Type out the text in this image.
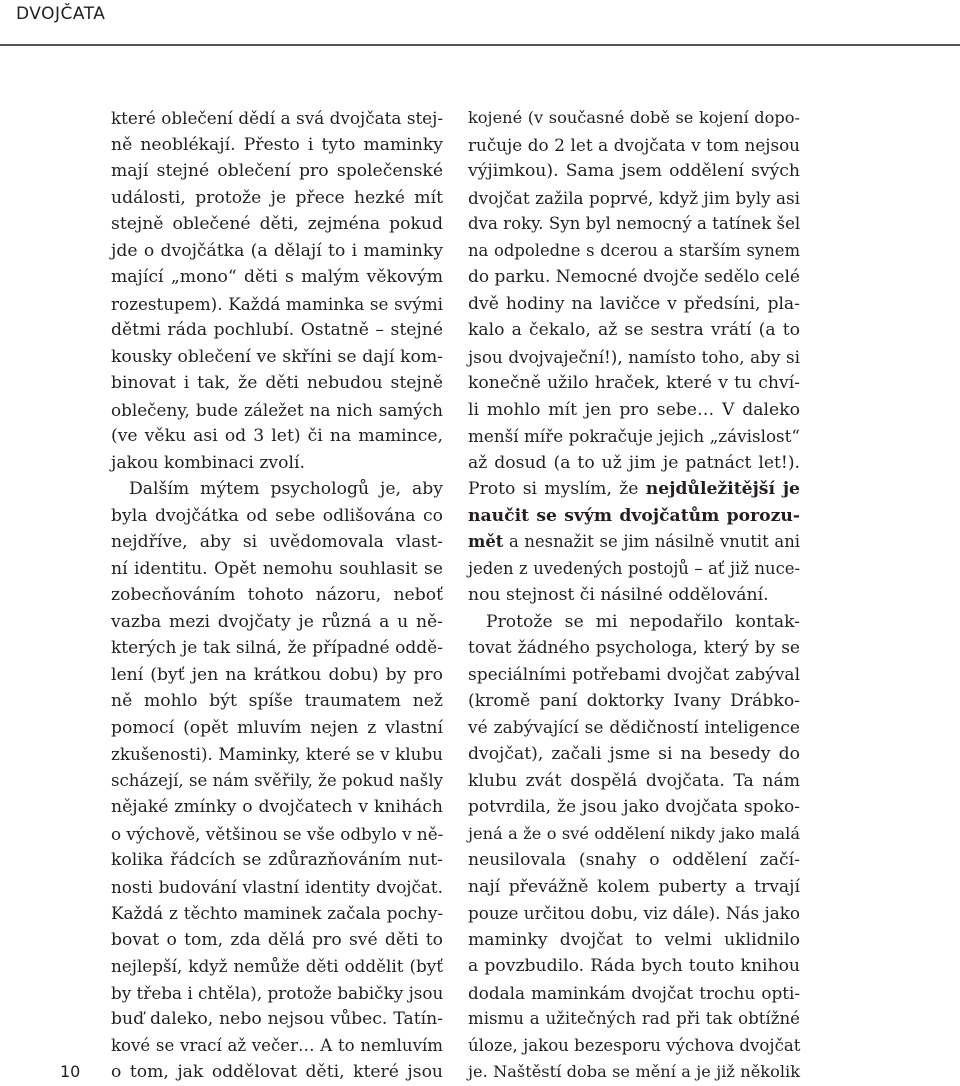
DVOJČATA
které oblečení dědí a svá dvojčata stej-
ně neoblékají. Přesto i tyto maminky
mají stejné oblečení pro společenské
události, protože je přece hezké mít
stejně oblečené děti, zejména pokud
jde o dvojčátka (a dělají to i maminky
mající „mono“ děti s malým věkovým
rozestupem). Každá maminka se svými
dětmi ráda pochlubí. Ostatně – stejné
kousky oblečení ve skříni se dají kom-
binovat i tak, že děti nebudou stejně
oblečeny, bude záležet na nich samých
(ve věku asi od 3 let) či na mamince,
jakou kombinaci zvolí.
Dalším mýtem psychologů je, aby
byla dvojčátka od sebe odlišována co
nejdříve, aby si uvědomovala vlast-
ní identitu. Opět nemohu souhlasit se
zobecňováním tohoto názoru, neboť
vazba mezi dvojčaty je různá a u ně-
kterých je tak silná, že případné oddě-
lení (byť jen na krátkou dobu) by pro
ně mohlo být spíše traumatem než
pomocí (opět mluvím nejen z vlastní
zkušenosti). Maminky, které se v klubu
scházejí, se nám svěřily, že pokud našly
nějaké zmínky o dvojčatech v knihách
o výchově, většinou se vše odbylo v ně-
kolika řádcích se zdůrazňováním nut-
nosti budování vlastní identity dvojčat.
Každá z těchto maminek začala pochy-
bovat o tom, zda dělá pro své děti to
nejlepší, když nemůže děti oddělit (byť
by třeba i chtěla), protože babičky jsou
buď daleko, nebo nejsou vůbec. Tatín-
kové se vrací až večer… A to nemluvím
o tom, jak oddělovat děti, které jsou
kojené (v současné době se kojení dopo-
ručuje do 2 let a dvojčata v tom nejsou
výjimkou). Sama jsem oddělení svých
dvojčat zažila poprvé, když jim byly asi
dva roky. Syn byl nemocný a tatínek šel
na odpoledne s dcerou a starším synem
do parku. Nemocné dvojče sedělo celé
dvě hodiny na lavičce v předsíni, pla-
kalo a čekalo, až se sestra vrátí (a to
jsou dvojvaječní!), namísto toho, aby si
konečně užilo hraček, které v tu chví-
li mohlo mít jen pro sebe… V daleko
menší míře pokračuje jejich „závislost“
až dosud (a to už jim je patnáct let!).
Proto si myslím, že nejdůležitější je
naučit se svým dvojčatům porozu-
mět a nesnažit se jim násilně vnutit ani
jeden z uvedených postojů – ať již nuce-
nou stejnost či násilné oddělování.
Protože se mi nepodařilo kontak-
tovat žádného psychologa, který by se
speciálními potřebami dvojčat zabýval
(kromě paní doktorky Ivany Drábko-
vé zabývající se dědičností inteligence
dvojčat), začali jsme si na besedy do
klubu zvát dospělá dvojčata. Ta nám
potvrdila, že jsou jako dvojčata spoko-
jená a že o své oddělení nikdy jako malá
neusilovala (snahy o oddělení začí-
nají převážně kolem puberty a trvají
pouze určitou dobu, viz dále). Nás jako
maminky dvojčat to velmi uklidnilo
a povzbudilo. Ráda bych touto knihou
dodala maminkám dvojčat trochu opti-
mismu a užitečných rad při tak obtížné
úloze, jakou bezesporu výchova dvojčat
je. Naštěstí doba se mění a je již několik
10
